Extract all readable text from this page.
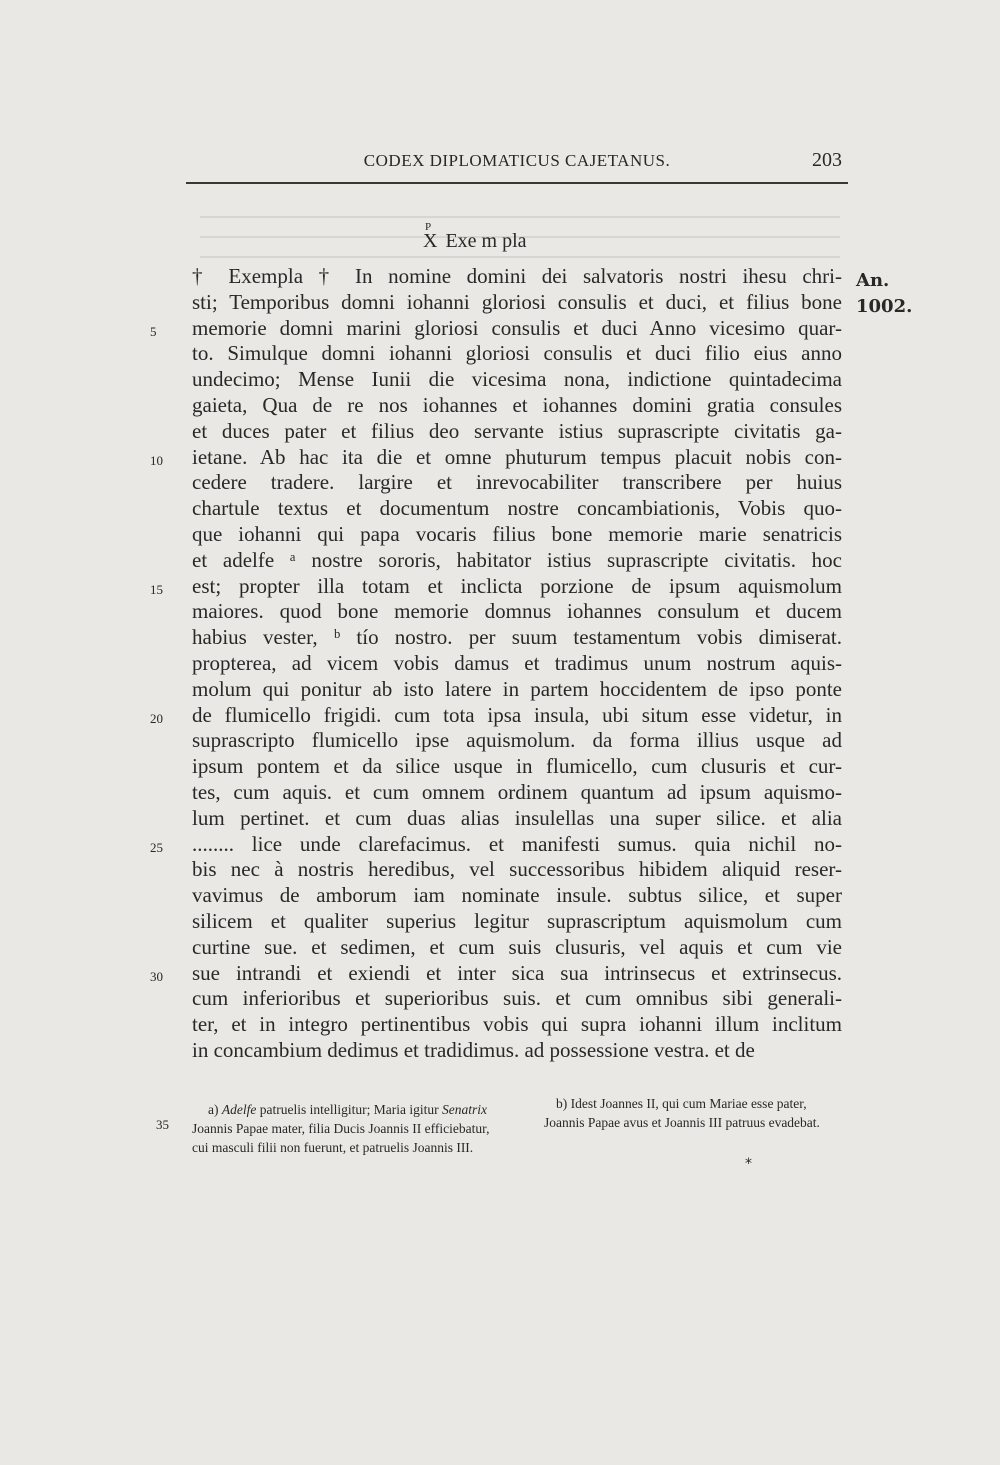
CODEX DIPLOMATICUS CAJETANUS.	203
X
P
Exe m pla
An.
1002.
† Exempla † In nomine domini dei salvatoris nostri ihesu chri-
sti; Temporibus domni iohanni gloriosi consulis et duci, et filius bone
memorie domni marini gloriosi consulis et duci Anno vicesimo quar-
to. Simulque domni iohanni gloriosi consulis et duci filio eius anno
undecimo; Mense Iunii die vicesima nona, indictione quintadecima
gaieta, Qua de re nos iohannes et iohannes domini gratia consules
et duces pater et filius deo servante istius suprascripte civitatis ga-
ietane. Ab hac ita die et omne phuturum tempus placuit nobis con-
cedere tradere. largire et inrevocabiliter transcribere per huius
chartule textus et documentum nostre concambiationis, Vobis quo-
que iohanni qui papa vocaris filius bone memorie marie senatricis
et adelfe ᵃ nostre sororis, habitator istius suprascripte civitatis. hoc
est; propter illa totam et inclicta porzione de ipsum aquismolum
maiores. quod bone memorie domnus iohannes consulum et ducem
habius vester, ᵇ tío nostro. per suum testamentum vobis dimiserat.
propterea, ad vicem vobis damus et tradimus unum nostrum aquis-
molum qui ponitur ab isto latere in partem hoccidentem de ipso ponte
de flumicello frigidi. cum tota ipsa insula, ubi situm esse videtur, in
suprascripto flumicello ipse aquismolum. da forma illius usque ad
ipsum pontem et da silice usque in flumicello, cum clusuris et cur-
tes, cum aquis. et cum omnem ordinem quantum ad ipsum aquismo-
lum pertinet. et cum duas alias insulellas una super silice. et alia
........ lice unde clarefacimus. et manifesti sumus. quia nichil no-
bis nec à nostris heredibus, vel successoribus hibidem aliquid reser-
vavimus de amborum iam nominate insule. subtus silice, et super
silicem et qualiter superius legitur suprascriptum aquismolum cum
curtine sue. et sedimen, et cum suis clusuris, vel aquis et cum vie
sue intrandi et exiendi et inter sica sua intrinsecus et extrinsecus.
cum inferioribus et superioribus suis. et cum omnibus sibi generali-
ter, et in integro pertinentibus vobis qui supra iohanni illum inclitum
in concambium dedimus et tradidimus. ad possessione vestra. et de
5
10
15
20
25
30
a) Adelfe patruelis intelligitur; Maria igitur Senatrix Joannis Papae mater, filia Ducis Joannis II efficiebatur, cui masculi filii non fuerunt, et patruelis Joannis III.
b) Idest Joannes II, qui cum Mariae esse pater, Joannis Papae avus et Joannis III patruus evadebat.
35
*
